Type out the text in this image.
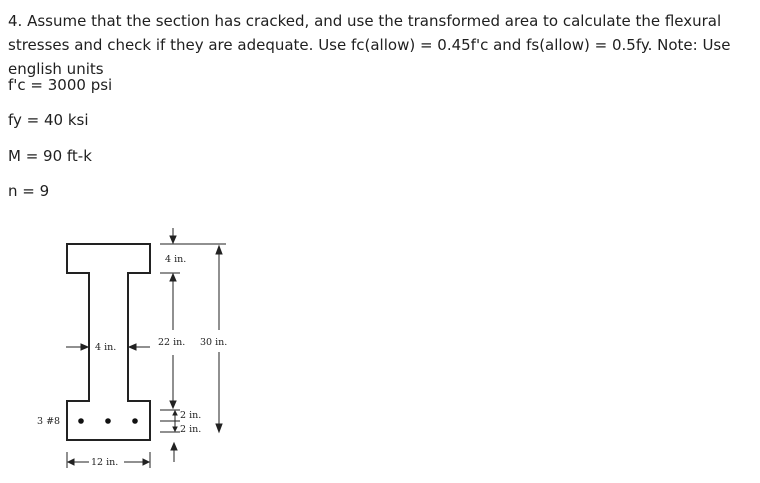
4. Assume that the section has cracked, and use the transformed area to calculate the flexural stresses and check if they are adequate. Use fc(allow) = 0.45f'c and fs(allow) = 0.5fy. Note: Use english units

f'c = 3000 psi

fy = 40 ksi

M = 90 ft-k

n = 9

4 in.
22 in. 30 in.
2 in.
2 in.
4 in.
12 in.
3 #8
